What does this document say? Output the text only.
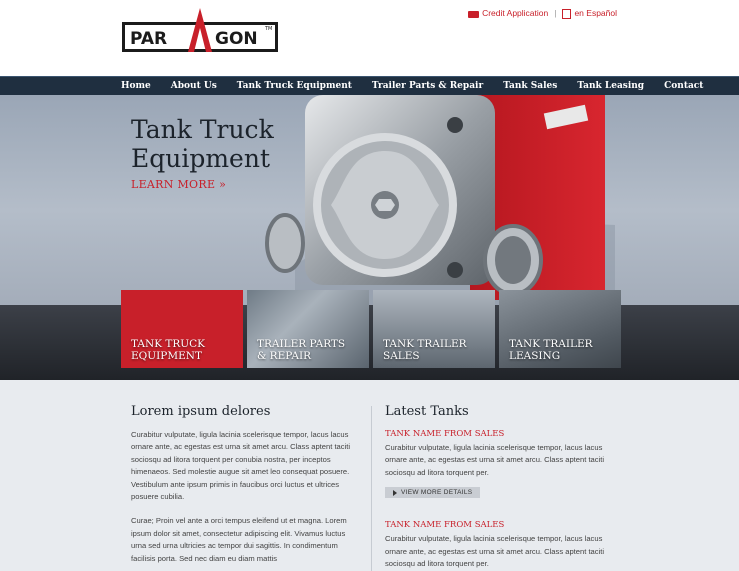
PAR	GON TM
Credit Application |	en Español
Home About Us Tank Truck Equipment Trailer Parts & Repair Tank Sales Tank Leasing Contact
Tank Truck
Equipment
LEARN MORE »
TANK TRUCK
EQUIPMENT
TRAILER PARTS
& REPAIR
TANK TRAILER
SALES
TANK TRAILER
LEASING
Lorem ipsum delores

Curabitur vulputate, ligula lacinia scelerisque tempor, lacus lacus ornare ante, ac egestas est urna sit amet arcu. Class aptent taciti sociosqu ad litora torquent per conubia nostra, per inceptos himenaeos. Sed molestie augue sit amet leo consequat posuere. Vestibulum ante ipsum primis in faucibus orci luctus et ultrices posuere cubilia.

Curae; Proin vel ante a orci tempus eleifend ut et magna. Lorem ipsum dolor sit amet, consectetur adipiscing elit. Vivamus luctus urna sed urna ultricies ac tempor dui sagittis. In condimentum facilisis porta. Sed nec diam eu diam mattis

Latest Tanks
TANK NAME FROM SALES

Curabitur vulputate, ligula lacinia scelerisque tempor, lacus lacus ornare ante, ac egestas est urna sit amet arcu. Class aptent taciti sociosqu ad litora torquent per.

VIEW MORE DETAILS
TANK NAME FROM SALES

Curabitur vulputate, ligula lacinia scelerisque tempor, lacus lacus ornare ante, ac egestas est urna sit amet arcu. Class aptent taciti sociosqu ad litora torquent per.
